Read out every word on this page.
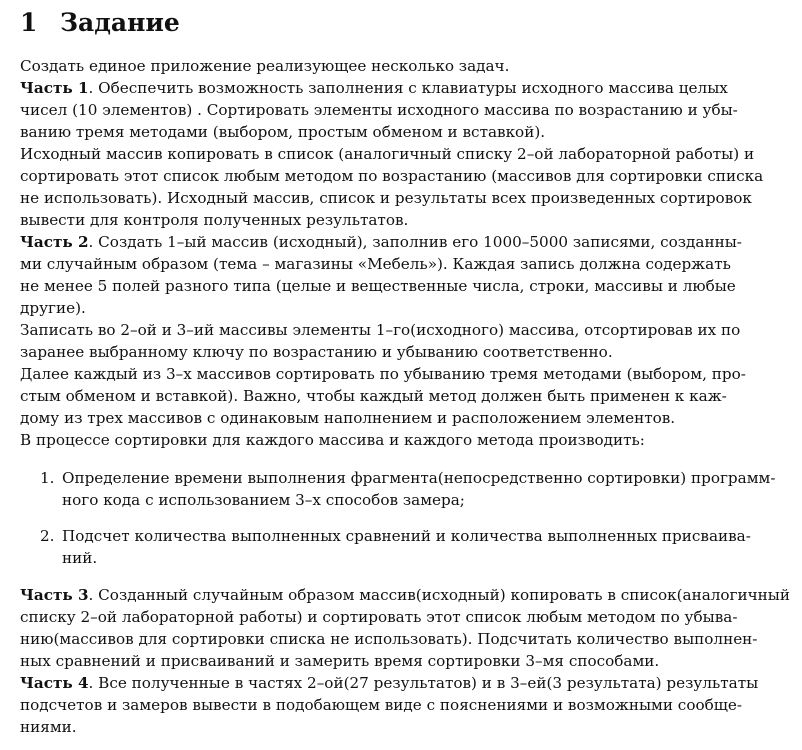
1 Задание

Создать единое приложение реализующее несколько задач.

Часть 1. Обеспечить возможность заполнения с клавиатуры исходного массива целых

чисел (10 элементов) . Сортировать элементы исходного массива по возрастанию и убы-

ванию тремя методами (выбором, простым обменом и вставкой).

Исходный массив копировать в список (аналогичный списку 2–ой лабораторной работы) и

сортировать этот список любым методом по возрастанию (массивов для сортировки списка

не использовать). Исходный массив, список и результаты всех произведенных сортировок

вывести для контроля полученных результатов.

Часть 2. Создать 1–ый массив (исходный), заполнив его 1000–5000 записями, созданны-

ми случайным образом (тема – магазины «Мебель»). Каждая запись должна содержать

не менее 5 полей разного типа (целые и вещественные числа, строки, массивы и любые

другие).

Записать во 2–ой и 3–ий массивы элементы 1–го(исходного) массива, отсортировав их по

заранее выбранному ключу по возрастанию и убыванию соответственно.

Далее каждый из 3–х массивов сортировать по убыванию тремя методами (выбором, про-

стым обменом и вставкой). Важно, чтобы каждый метод должен быть применен к каж-

дому из трех массивов с одинаковым наполнением и расположением элементов.

В процессе сортировки для каждого массива и каждого метода производить:

1. Определение времени выполнения фрагмента(непосредственно сортировки) программ-

ного кода с использованием 3–х способов замера;

2. Подсчет количества выполненных сравнений и количества выполненных присваива-

ний.

Часть 3. Созданный случайным образом массив(исходный) копировать в список(аналогичный

списку 2–ой лабораторной работы) и сортировать этот список любым методом по убыва-

нию(массивов для сортировки списка не использовать). Подсчитать количество выполнен-

ных сравнений и присваиваний и замерить время сортировки 3–мя способами.

Часть 4. Все полученные в частях 2–ой(27 результатов) и в 3–ей(3 результата) результаты

подсчетов и замеров вывести в подобающем виде с пояснениями и возможными сообще-

ниями.
